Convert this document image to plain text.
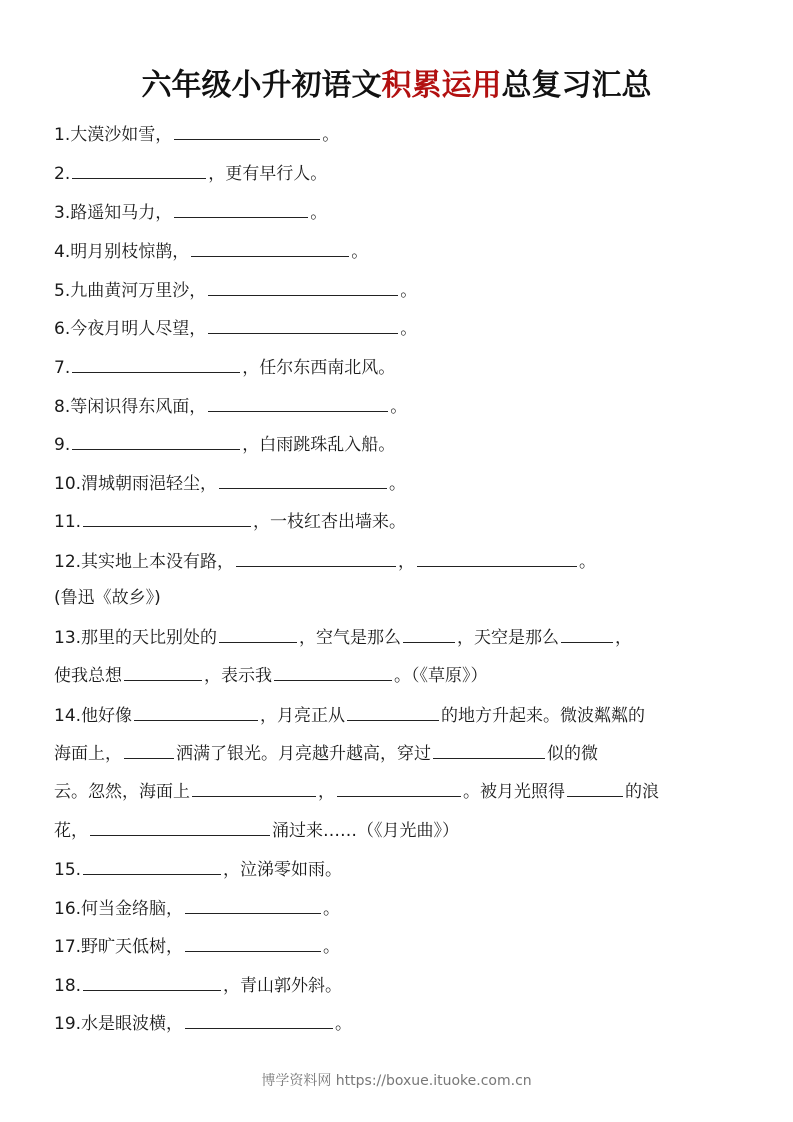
六年级小升初语文积累运用总复习汇总
1.大漠沙如雪，	。
2.	，更有早行人。
3.路遥知马力，	。
4.明月别枝惊鹊，	。
5.九曲黄河万里沙，	。
6.今夜月明人尽望，	。
7.	，任尔东西南北风。
8.等闲识得东风面，	。
9.	，白雨跳珠乱入船。
10.渭城朝雨浥轻尘，	。
11.	，一枝红杏出墙来。
12.其实地上本没有路，	，	。
(鲁迅《故乡》)
13.那里的天比别处的	，空气是那么	，天空是那么	，
使我总想	，表示我	。（《草原》）
14.他好像	，月亮正从	的地方升起来。微波粼粼的
海面上，	洒满了银光。月亮越升越高，穿过	似的微
云。忽然，海面上	，	。被月光照得	的浪
花，	涌过来……（《月光曲》）
15.	，泣涕零如雨。
16.何当金络脑，	。
17.野旷天低树，	。
18.	，青山郭外斜。
19.水是眼波横，	。
博学资料网 https://boxue.ituoke.com.cn
